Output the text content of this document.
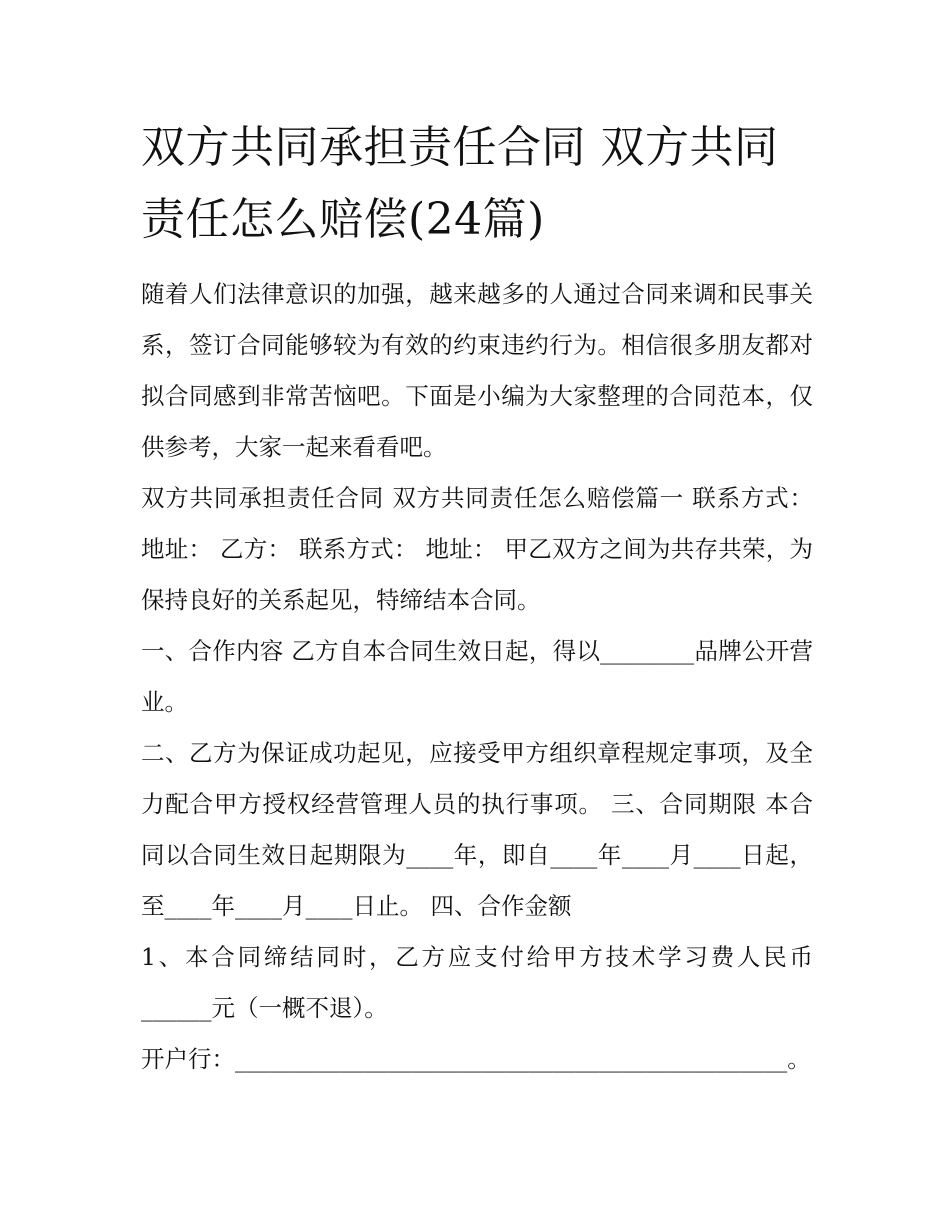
双方共同承担责任合同 双方共同责任怎么赔偿(24篇)

随着人们法律意识的加强，越来越多的人通过合同来调和民事关系，签订合同能够较为有效的约束违约行为。相信很多朋友都对拟合同感到非常苦恼吧。下面是小编为大家整理的合同范本，仅供参考，大家一起来看看吧。

双方共同承担责任合同 双方共同责任怎么赔偿篇一 联系方式： 地址： 乙方： 联系方式： 地址： 甲乙双方之间为共存共荣，为保持良好的关系起见，特缔结本合同。

一、合作内容 乙方自本合同生效日起，得以________品牌公开营业。

二、乙方为保证成功起见，应接受甲方组织章程规定事项，及全力配合甲方授权经营管理人员的执行事项。 三、合同期限 本合同以合同生效日起期限为____年，即自____年____月____日起，至____年____月____日止。 四、合作金额

1、本合同缔结同时，乙方应支付给甲方技术学习费人民币______元（一概不退）。

开户行：_______________________________________________。
